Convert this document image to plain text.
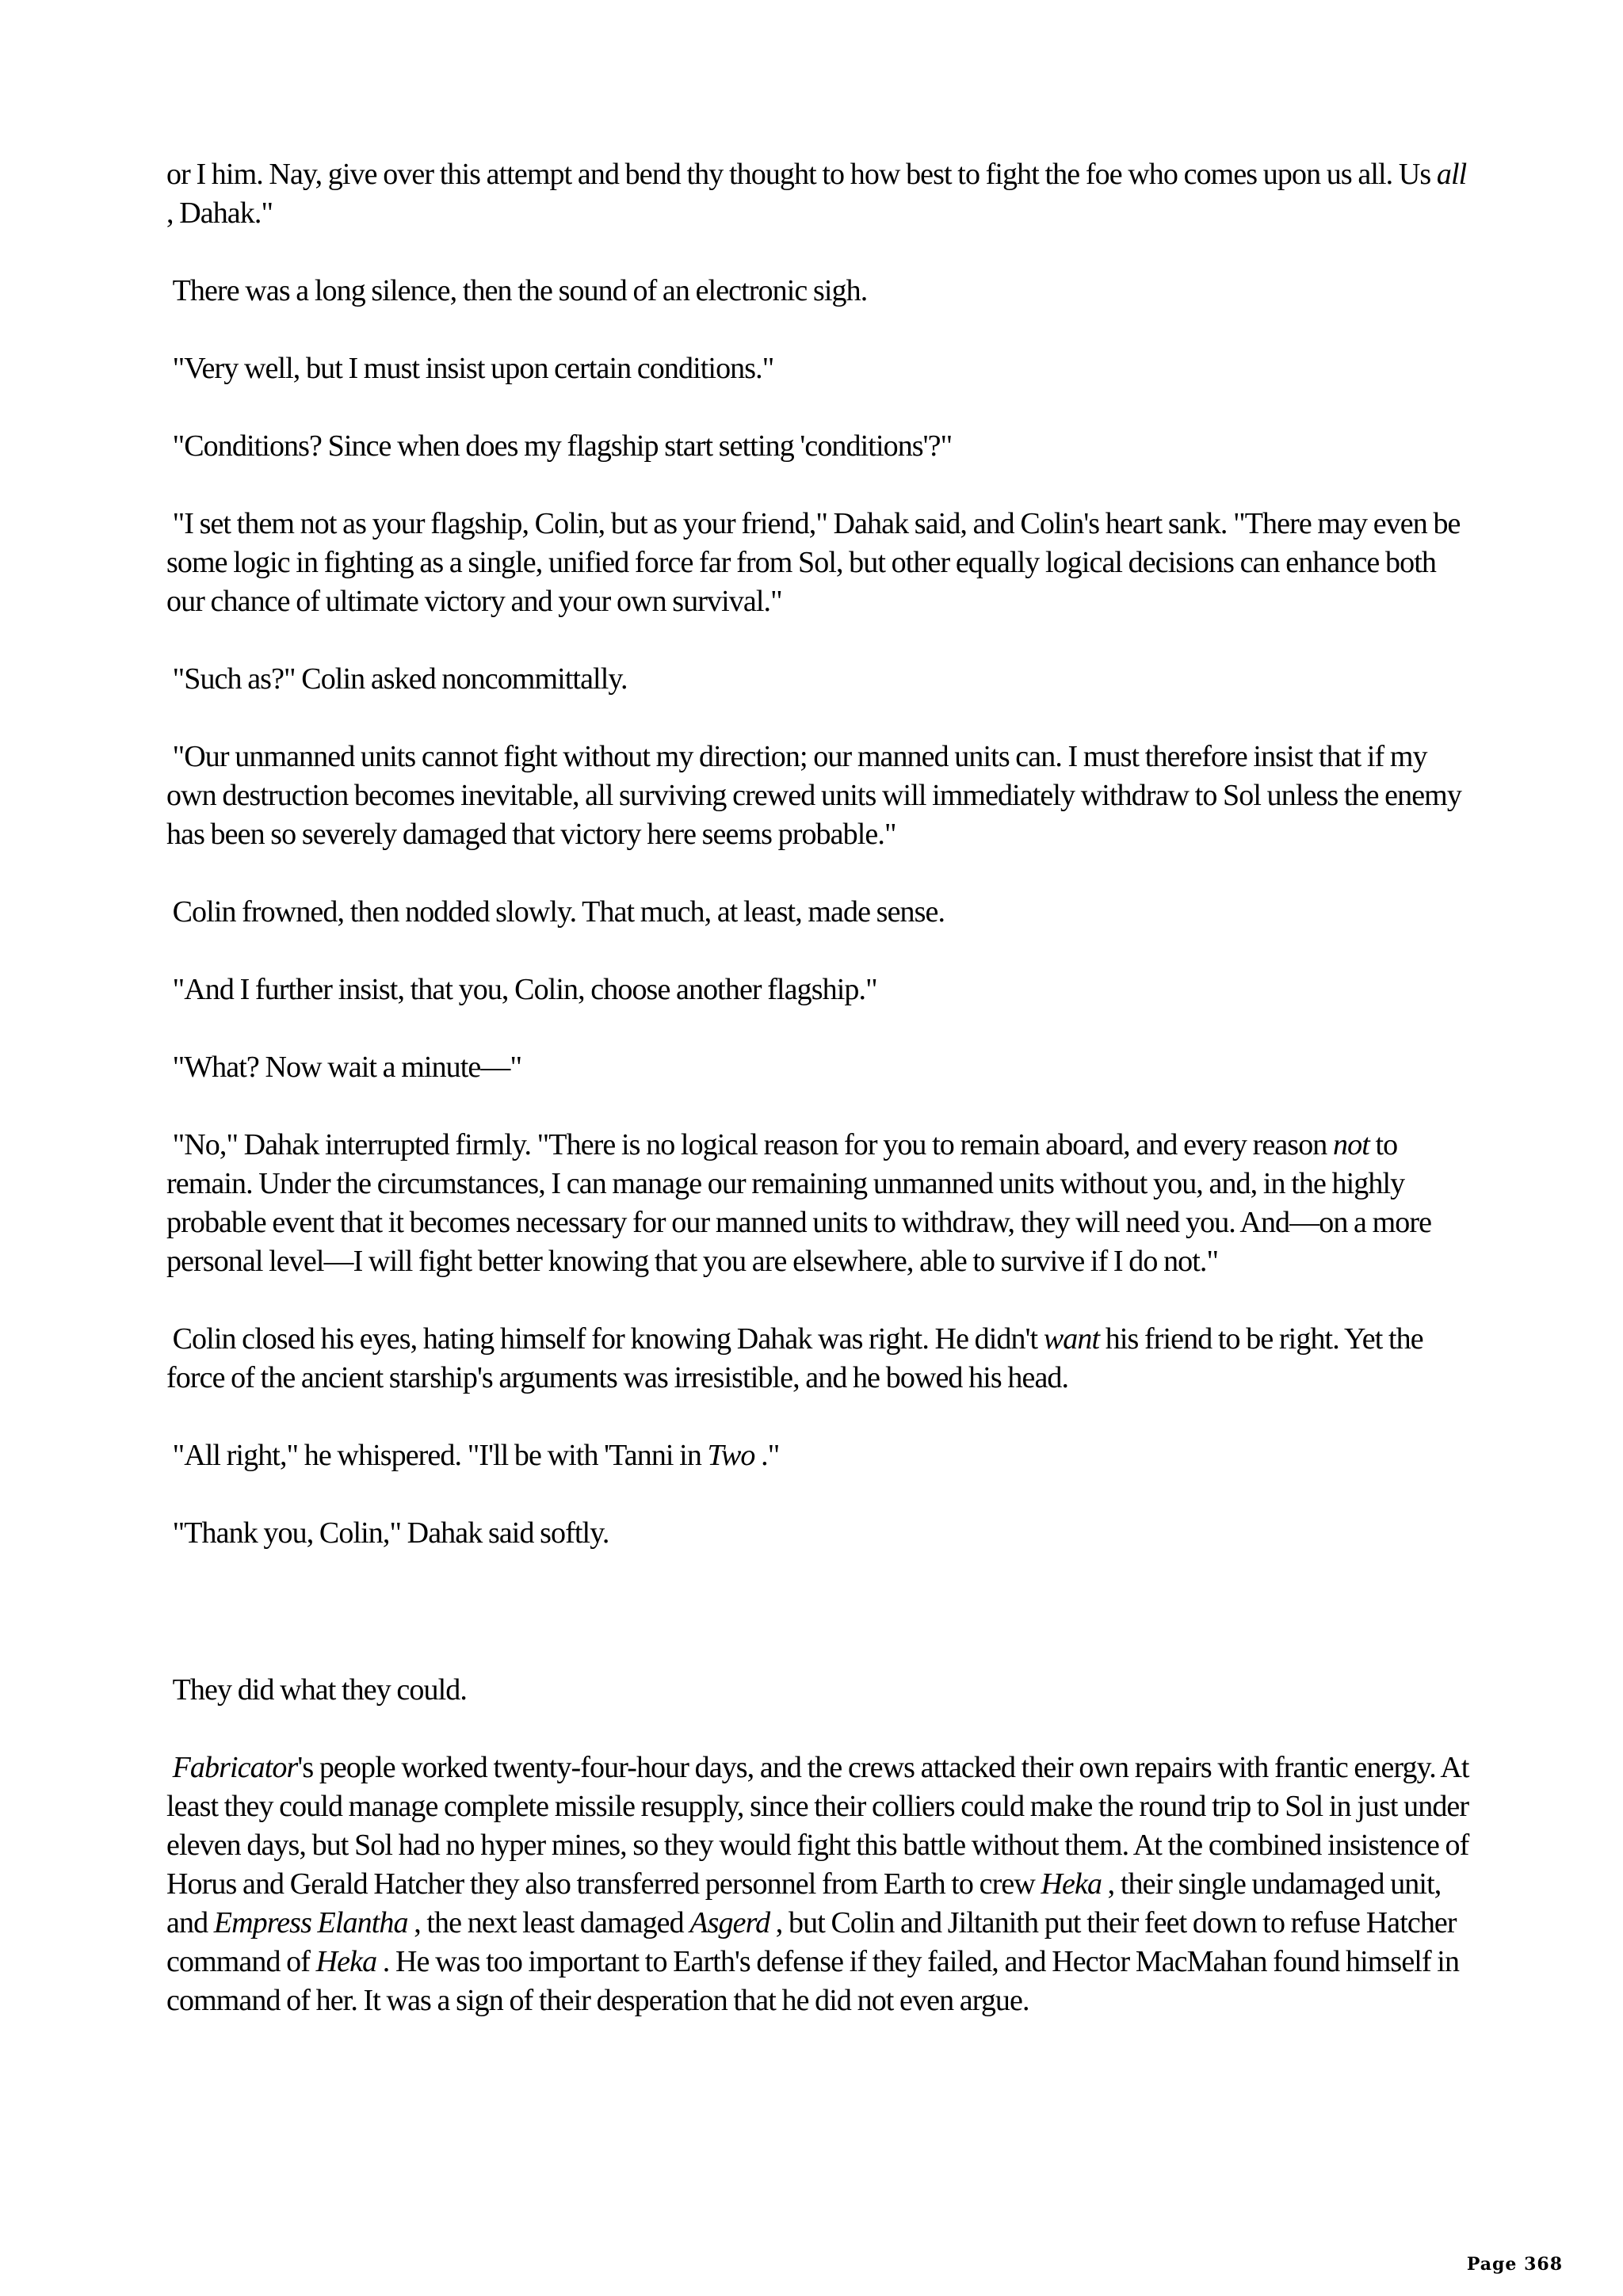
or I him. Nay, give over this attempt and bend thy thought to how best to fight the foe who comes upon us all. Us all , Dahak."
There was a long silence, then the sound of an electronic sigh.
"Very well, but I must insist upon certain conditions."
"Conditions? Since when does my flagship start setting 'conditions'?"
"I set them not as your flagship, Colin, but as your friend," Dahak said, and Colin's heart sank. "There may even be some logic in fighting as a single, unified force far from Sol, but other equally logical decisions can enhance both our chance of ultimate victory and your own survival."
"Such as?" Colin asked noncommittally.
"Our unmanned units cannot fight without my direction; our manned units can. I must therefore insist that if my own destruction becomes inevitable, all surviving crewed units will immediately withdraw to Sol unless the enemy has been so severely damaged that victory here seems probable."
Colin frowned, then nodded slowly. That much, at least, made sense.
"And I further insist, that you, Colin, choose another flagship."
"What? Now wait a minute—"
"No," Dahak interrupted firmly. "There is no logical reason for you to remain aboard, and every reason not to remain. Under the circumstances, I can manage our remaining unmanned units without you, and, in the highly probable event that it becomes necessary for our manned units to withdraw, they will need you. And—on a more personal level—I will fight better knowing that you are elsewhere, able to survive if I do not."
Colin closed his eyes, hating himself for knowing Dahak was right. He didn't want his friend to be right. Yet the force of the ancient starship's arguments was irresistible, and he bowed his head.
"All right," he whispered. "I'll be with 'Tanni in Two ."
"Thank you, Colin," Dahak said softly.
They did what they could.
Fabricator's people worked twenty-four-hour days, and the crews attacked their own repairs with frantic energy. At least they could manage complete missile resupply, since their colliers could make the round trip to Sol in just under eleven days, but Sol had no hyper mines, so they would fight this battle without them. At the combined insistence of Horus and Gerald Hatcher they also transferred personnel from Earth to crew Heka , their single undamaged unit, and Empress Elantha , the next least damaged Asgerd , but Colin and Jiltanith put their feet down to refuse Hatcher command of Heka . He was too important to Earth's defense if they failed, and Hector MacMahan found himself in command of her. It was a sign of their desperation that he did not even argue.
Page 368
